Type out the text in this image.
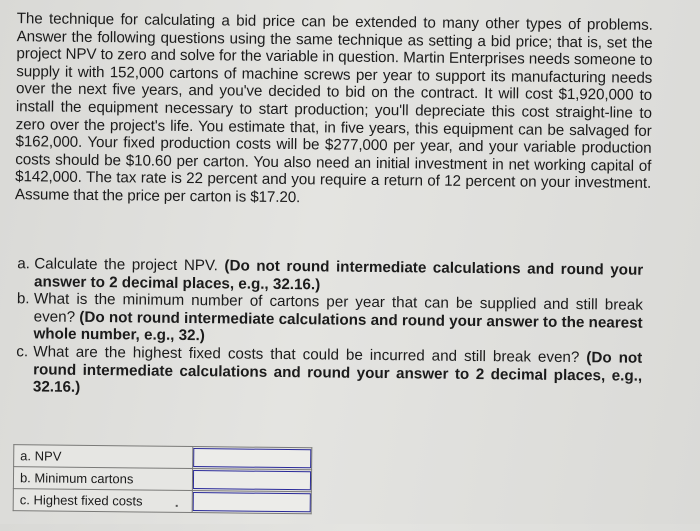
The technique for calculating a bid price can be extended to many other types of problems. Answer the following questions using the same technique as setting a bid price; that is, set the project NPV to zero and solve for the variable in question. Martin Enterprises needs someone to supply it with 152,000 cartons of machine screws per year to support its manufacturing needs over the next five years, and you've decided to bid on the contract. It will cost $1,920,000 to install the equipment necessary to start production; you'll depreciate this cost straight-line to zero over the project's life. You estimate that, in five years, this equipment can be salvaged for $162,000. Your fixed production costs will be $277,000 per year, and your variable production costs should be $10.60 per carton. You also need an initial investment in net working capital of $142,000. The tax rate is 22 percent and you require a return of 12 percent on your investment. Assume that the price per carton is $17.20.
a. Calculate the project NPV. (Do not round intermediate calculations and round your answer to 2 decimal places, e.g., 32.16.)
b. What is the minimum number of cartons per year that can be supplied and still break even? (Do not round intermediate calculations and round your answer to the nearest whole number, e.g., 32.)
c. What are the highest fixed costs that could be incurred and still break even? (Do not round intermediate calculations and round your answer to 2 decimal places, e.g., 32.16.)
a. NPV	

b. Minimum cartons	

c. Highest fixed costs	
